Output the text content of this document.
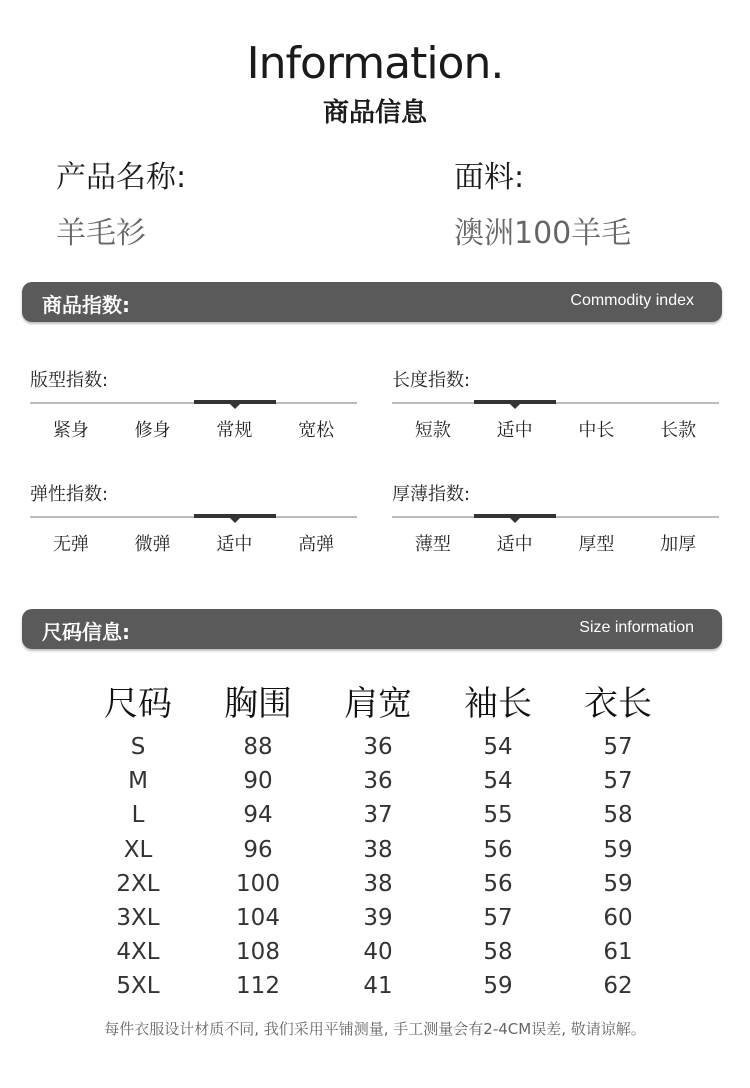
Information.
商品信息
产品名称:
羊毛衫
面料:
澳洲100羊毛
商品指数:	Commodity index
版型指数:
紧身	修身	常规	宽松
长度指数:
短款	适中	中长	长款
弹性指数:
无弹	微弹	适中	高弹
厚薄指数:
薄型	适中	厚型	加厚
尺码信息:	Size information
尺码	胸围	肩宽	袖长	衣长
S	88	36	54	57
M	90	36	54	57
L	94	37	55	58
XL	96	38	56	59
2XL	100	38	56	59
3XL	104	39	57	60
4XL	108	40	58	61
5XL	112	41	59	62
每件衣服设计材质不同, 我们采用平铺测量, 手工测量会有2-4CM误差, 敬请谅解。
